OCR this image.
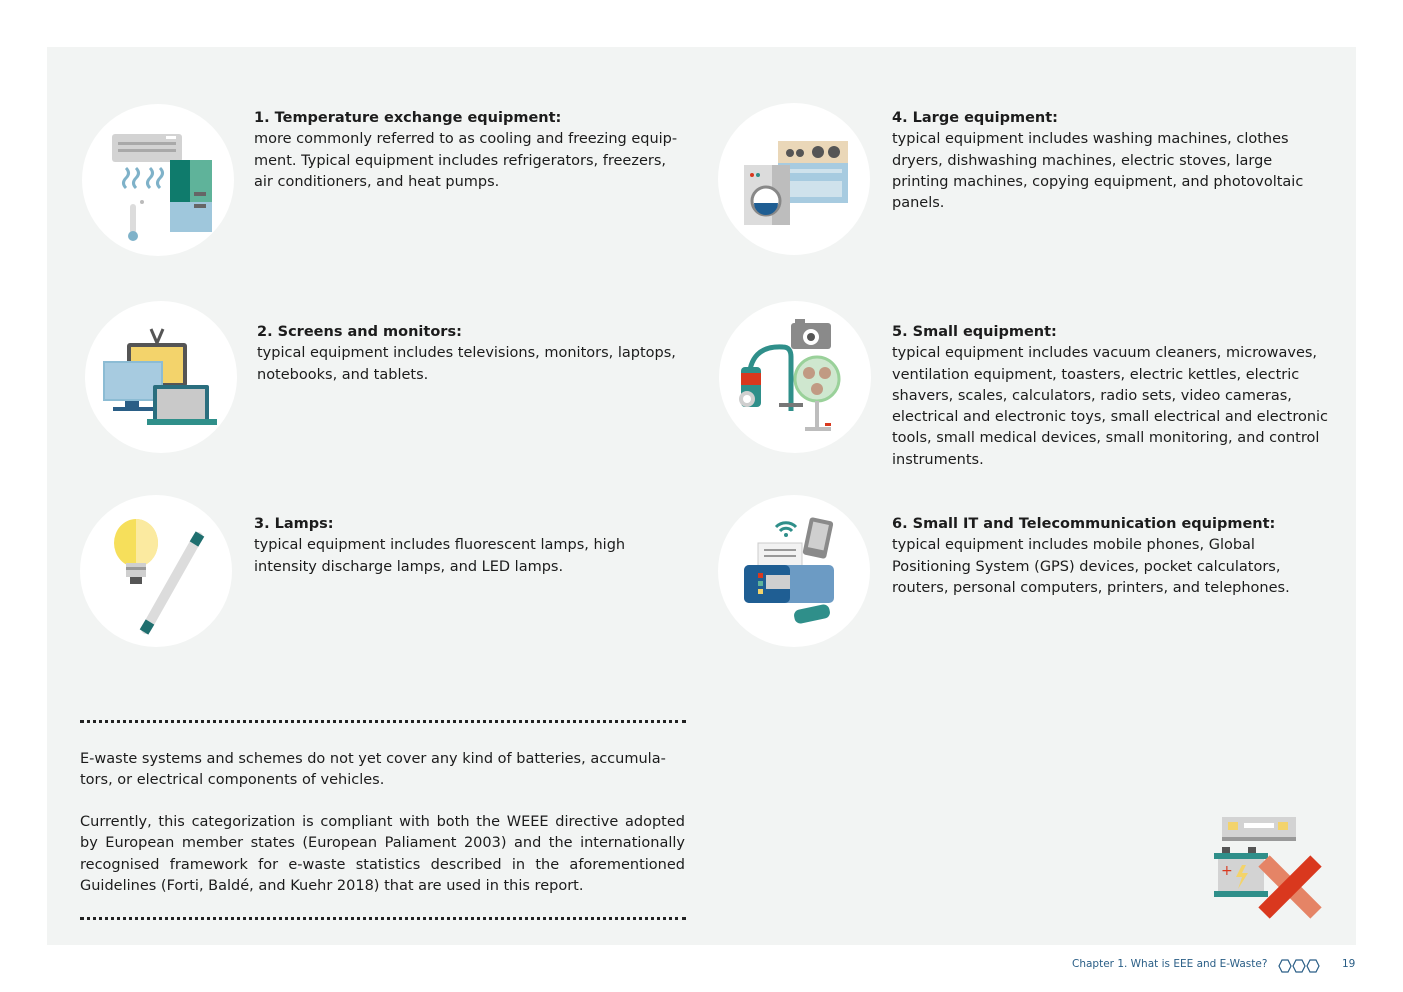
1. Temperature exchange equipment:
more commonly referred to as cooling and freezing equip-
ment. Typical equipment includes refrigerators, freezers,
air conditioners, and heat pumps.
2. Screens and monitors:
typical equipment includes televisions, monitors, laptops,
notebooks, and tablets.
3. Lamps:
typical equipment includes fluorescent lamps, high
intensity discharge lamps, and LED lamps.
4. Large equipment:
typical equipment includes washing machines, clothes
dryers, dishwashing machines, electric stoves, large
printing machines, copying equipment, and photovoltaic
panels.
5. Small equipment:
typical equipment includes vacuum cleaners, microwaves,
ventilation equipment, toasters, electric kettles, electric
shavers, scales, calculators, radio sets, video cameras,
electrical and electronic toys, small electrical and electronic
tools, small medical devices, small monitoring, and control
instruments.
6. Small IT and Telecommunication equipment:
typical equipment includes mobile phones, Global
Positioning System (GPS) devices, pocket calculators,
routers, personal computers, printers, and telephones.
E-waste systems and schemes do not yet cover any kind of batteries, accumula-
tors, or electrical components of vehicles.
Currently, this categorization is compliant with both the WEEE directive adopted by European member states (European Paliament 2003) and the internationally recognised framework for e-waste statistics described in the aforementioned Guidelines (Forti, Baldé, and Kuehr 2018) that are used in this report.
+
Chapter 1. What is EEE and E-Waste?	19
